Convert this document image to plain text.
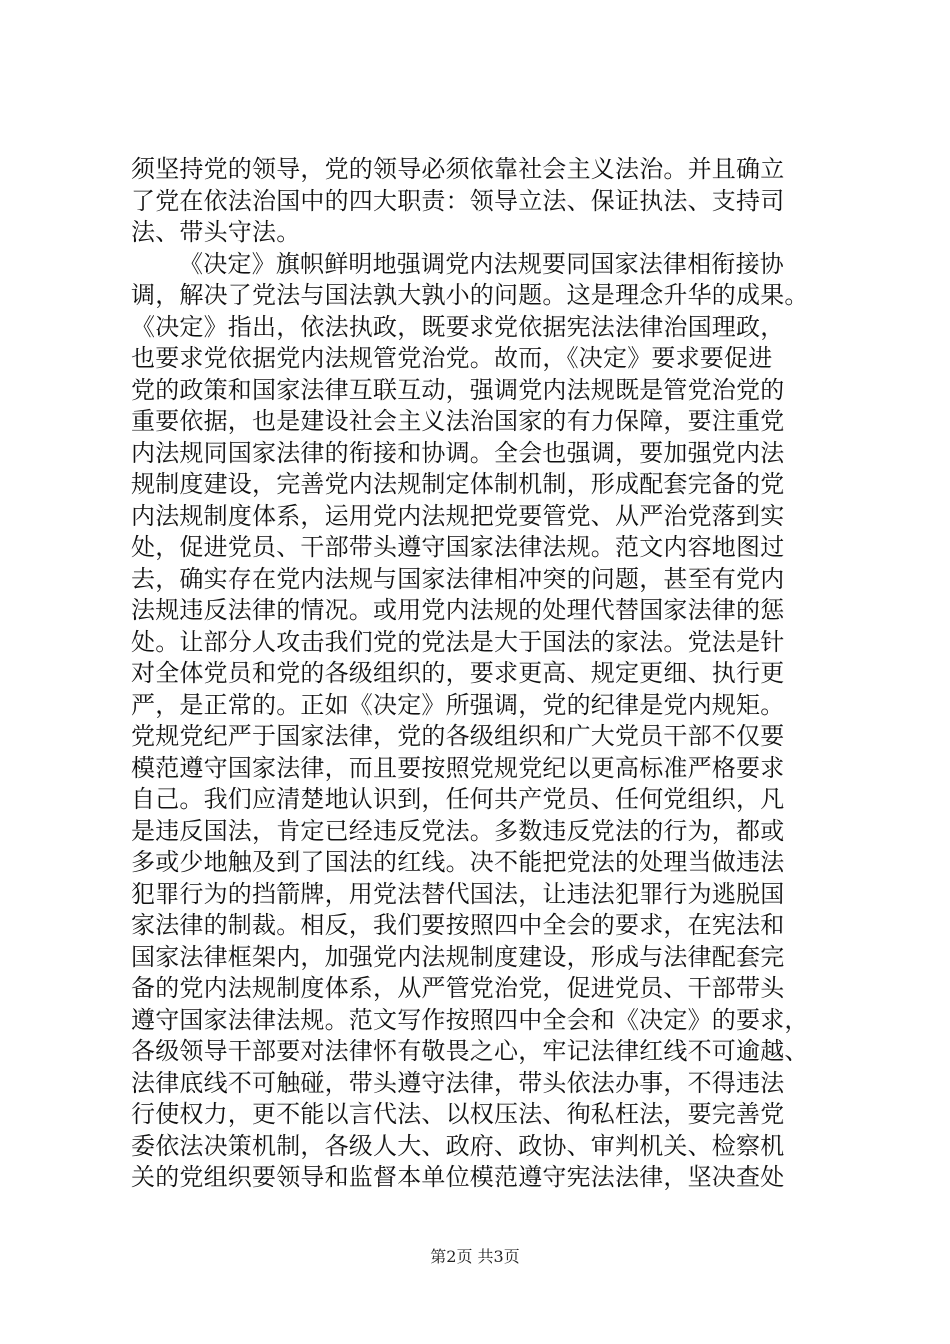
须坚持党的领导，党的领导必须依靠社会主义法治。并且确立
了党在依法治国中的四大职责：领导立法、保证执法、支持司
法、带头守法。
《决定》旗帜鲜明地强调党内法规要同国家法律相衔接协
调，解决了党法与国法孰大孰小的问题。这是理念升华的成果。
《决定》指出，依法执政，既要求党依据宪法法律治国理政，
也要求党依据党内法规管党治党。故而，《决定》要求要促进
党的政策和国家法律互联互动，强调党内法规既是管党治党的
重要依据，也是建设社会主义法治国家的有力保障，要注重党
内法规同国家法律的衔接和协调。全会也强调，要加强党内法
规制度建设，完善党内法规制定体制机制，形成配套完备的党
内法规制度体系，运用党内法规把党要管党、从严治党落到实
处，促进党员、干部带头遵守国家法律法规。范文内容地图过
去，确实存在党内法规与国家法律相冲突的问题，甚至有党内
法规违反法律的情况。或用党内法规的处理代替国家法律的惩
处。让部分人攻击我们党的党法是大于国法的家法。党法是针
对全体党员和党的各级组织的，要求更高、规定更细、执行更
严，是正常的。正如《决定》所强调，党的纪律是党内规矩。
党规党纪严于国家法律，党的各级组织和广大党员干部不仅要
模范遵守国家法律，而且要按照党规党纪以更高标准严格要求
自己。我们应清楚地认识到，任何共产党员、任何党组织，凡
是违反国法，肯定已经违反党法。多数违反党法的行为，都或
多或少地触及到了国法的红线。决不能把党法的处理当做违法
犯罪行为的挡箭牌，用党法替代国法，让违法犯罪行为逃脱国
家法律的制裁。相反，我们要按照四中全会的要求，在宪法和
国家法律框架内，加强党内法规制度建设，形成与法律配套完
备的党内法规制度体系，从严管党治党，促进党员、干部带头
遵守国家法律法规。范文写作按照四中全会和《决定》的要求，
各级领导干部要对法律怀有敬畏之心，牢记法律红线不可逾越、
法律底线不可触碰，带头遵守法律，带头依法办事，不得违法
行使权力，更不能以言代法、以权压法、徇私枉法，要完善党
委依法决策机制，各级人大、政府、政协、审判机关、检察机
关的党组织要领导和监督本单位模范遵守宪法法律，坚决查处
第2页 共3页
